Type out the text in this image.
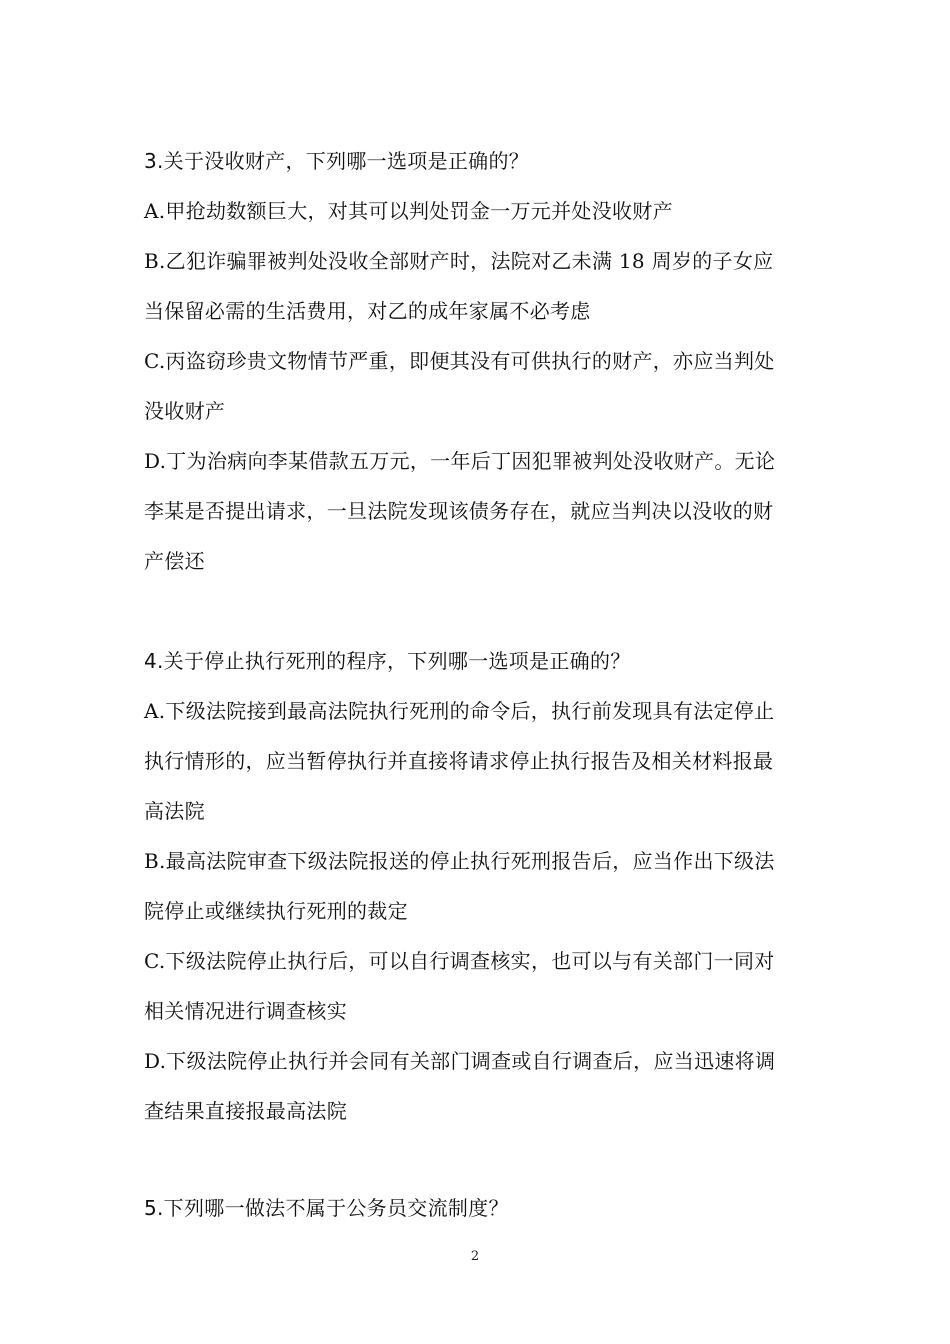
3.关于没收财产，下列哪一选项是正确的？
A.甲抢劫数额巨大，对其可以判处罚金一万元并处没收财产
B.乙犯诈骗罪被判处没收全部财产时，法院对乙未满 18 周岁的子女应
当保留必需的生活费用，对乙的成年家属不必考虑
C.丙盗窃珍贵文物情节严重，即便其没有可供执行的财产，亦应当判处
没收财产
D.丁为治病向李某借款五万元，一年后丁因犯罪被判处没收财产。无论
李某是否提出请求，一旦法院发现该债务存在，就应当判决以没收的财
产偿还
4.关于停止执行死刑的程序，下列哪一选项是正确的？
A.下级法院接到最高法院执行死刑的命令后，执行前发现具有法定停止
执行情形的，应当暂停执行并直接将请求停止执行报告及相关材料报最
高法院
B.最高法院审查下级法院报送的停止执行死刑报告后，应当作出下级法
院停止或继续执行死刑的裁定
C.下级法院停止执行后，可以自行调查核实，也可以与有关部门一同对
相关情况进行调查核实
D.下级法院停止执行并会同有关部门调查或自行调查后，应当迅速将调
查结果直接报最高法院
5.下列哪一做法不属于公务员交流制度？
2
